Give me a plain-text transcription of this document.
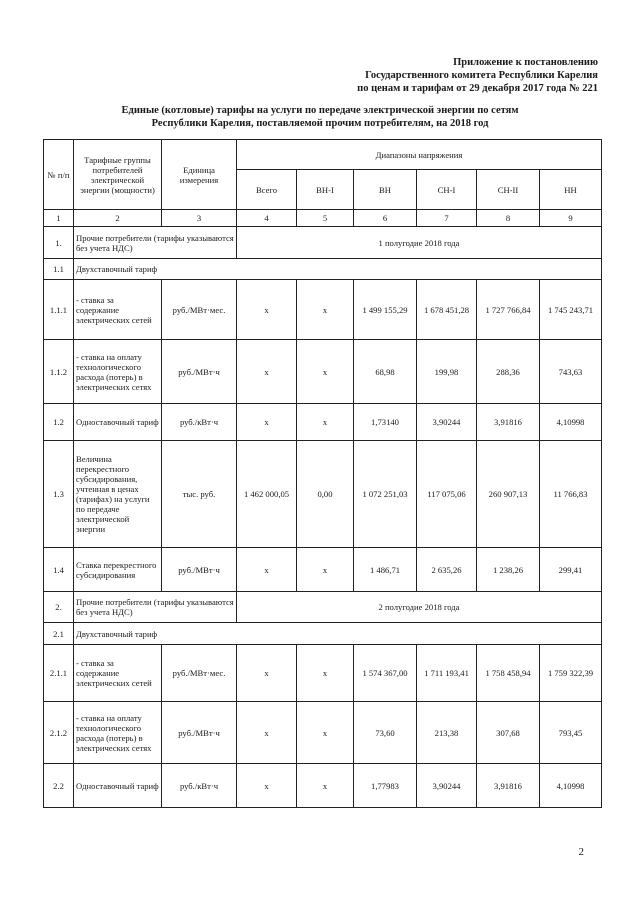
Приложение к постановлению
Государственного комитета Республики Карелия
по ценам и тарифам от 29 декабря 2017 года № 221
Единые (котловые) тарифы на услуги по передаче электрической энергии по сетям
Республики Карелия, поставляемой прочим потребителям, на 2018 год
№ п/п	Тарифные группы потребителей электрической энергии (мощности)	Единица измерения	Диапазоны напряжения					
			Всего	ВН-I	ВН	СН-I	СН-II	НН
1	2	3	4	5	6	7	8	9
1.	Прочие потребители (тарифы указываются без учета НДС)		1 полугодие 2018 года					
1.1	Двухставочный тариф							
1.1.1	- ставка за содержание электрических сетей	руб./МВт·мес.	х	х	1 499 155,29	1 678 451,28	1 727 766,84	1 745 243,71
1.1.2	- ставка на оплату технологического расхода (потерь) в электрических сетях	руб./МВт·ч	х	х	68,98	199,98	288,36	743,63
1.2	Одноставочный тариф	руб./кВт·ч	х	х	1,73140	3,90244	3,91816	4,10998
1.3	Величина перекрестного субсидирования, учтенная в ценах (тарифах) на услуги по передаче электрической энергии	тыс. руб.	1 462 000,05	0,00	1 072 251,03	117 075,06	260 907,13	11 766,83
1.4	Ставка перекрестного субсидирования	руб./МВт·ч	х	х	1 486,71	2 635,26	1 238,26	299,41
2.	Прочие потребители (тарифы указываются без учета НДС)		2 полугодие 2018 года					
2.1	Двухставочный тариф							
2.1.1	- ставка за содержание электрических сетей	руб./МВт·мес.	х	х	1 574 367,00	1 711 193,41	1 758 458,94	1 759 322,39
2.1.2	- ставка на оплату технологического расхода (потерь) в электрических сетях	руб./МВт·ч	х	х	73,60	213,38	307,68	793,45
2.2	Одноставочный тариф	руб./кВт·ч	х	х	1,77983	3,90244	3,91816	4,10998
2
